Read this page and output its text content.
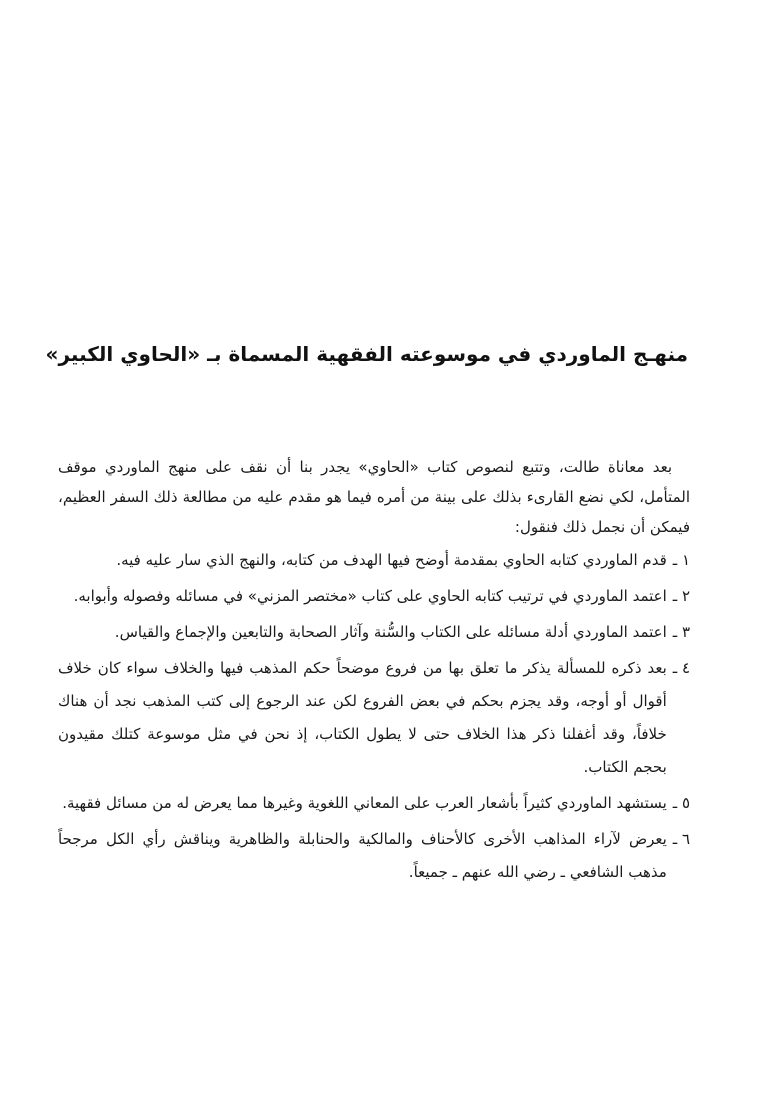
منهـج الماوردي في موسوعته الفقهية المسماة بـ «الحاوي الكبير»

بعد معاناة طالت، وتتبع لنصوص كتاب «الحاوي» يجدر بنا أن نقف على منهج الماوردي موقف المتأمل، لكي نضع القارىء بذلك على بينة من أمره فيما هو مقدم عليه من مطالعة ذلك السفر العظيم، فيمكن أن نجمل ذلك فنقول:

١ ـ
قدم الماوردي كتابه الحاوي بمقدمة أوضح فيها الهدف من كتابه، والنهج الذي سار عليه فيه.
٢ ـ
اعتمد الماوردي في ترتيب كتابه الحاوي على كتاب «مختصر المزني» في مسائله وفصوله وأبوابه.
٣ ـ
اعتمد الماوردي أدلة مسائله على الكتاب والسُّنة وآثار الصحابة والتابعين والإجماع والقياس.
٤ ـ
بعد ذكره للمسألة يذكر ما تعلق بها من فروع موضحاً حكم المذهب فيها والخلاف سواء كان خلاف أقوال أو أوجه، وقد يجزم بحكم في بعض الفروع لكن عند الرجوع إلى كتب المذهب نجد أن هناك خلافاً، وقد أغفلنا ذكر هذا الخلاف حتى لا يطول الكتاب، إذ نحن في مثل موسوعة كتلك مقيدون بحجم الكتاب.
٥ ـ
يستشهد الماوردي كثيراً بأشعار العرب على المعاني اللغوية وغيرها مما يعرض له من مسائل فقهية.
٦ ـ
يعرض لآراء المذاهب الأخرى كالأحناف والمالكية والحنابلة والظاهرية ويناقش رأي الكل مرجحاً مذهب الشافعي ـ رضي الله عنهم ـ جميعاً.
